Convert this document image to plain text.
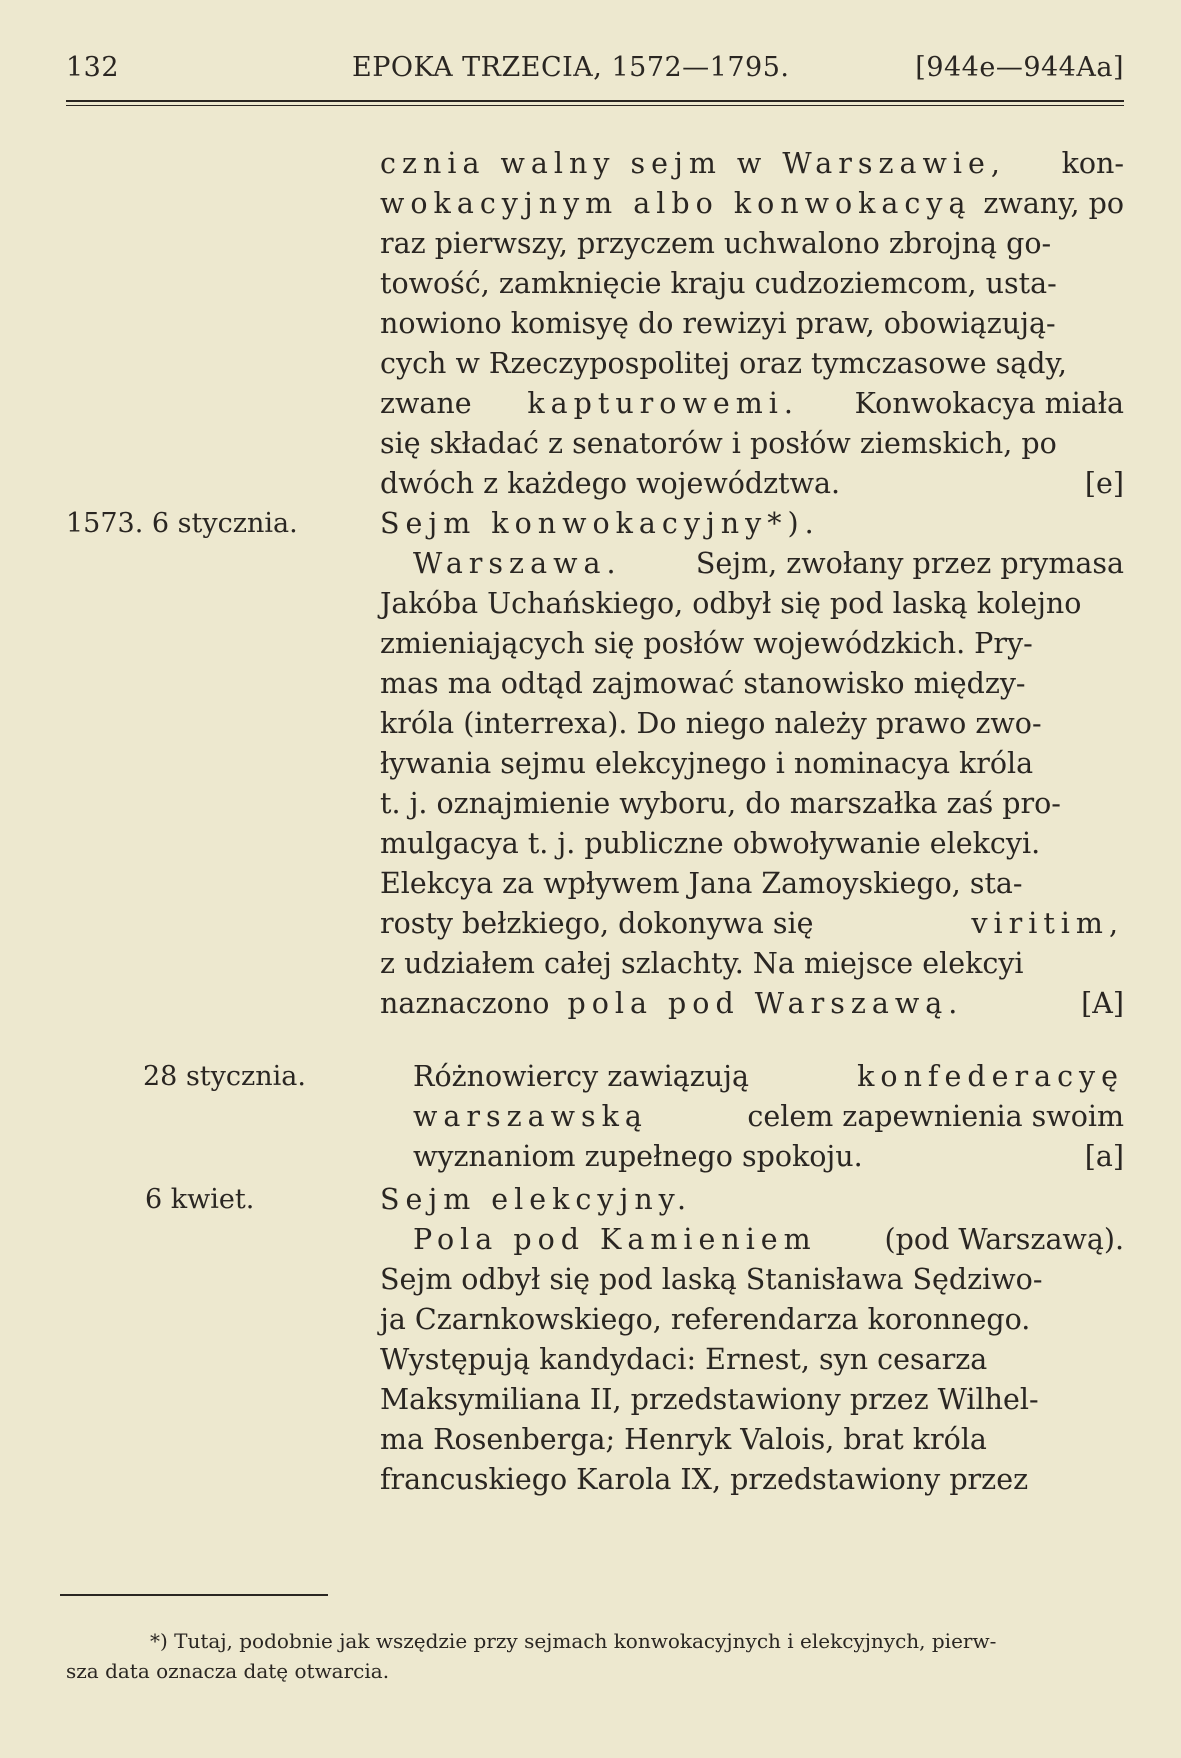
132	EPOKA TRZECIA, 1572—1795.	[944e—944Aa]
cznia walny sejm w Warszawie, kon-
wokacyjnym albo konwokacyą zwany, po
raz pierwszy, przyczem uchwalono zbrojną go-
towość, zamknięcie kraju cudzoziemcom, usta-
nowiono komisyę do rewizyi praw, obowiązują-
cych w Rzeczypospolitej oraz tymczasowe sądy,
zwane kapturowemi. Konwokacya miała
się składać z senatorów i posłów ziemskich, po
dwóch z każdego województwa.	[e]
1573. 6 stycznia.	Sejm konwokacyjny*).
Warszawa.	Sejm, zwołany przez prymasa
Jakóba Uchańskiego, odbył się pod laską kolejno
zmieniających się posłów wojewódzkich. Pry-
mas ma odtąd zajmować stanowisko między-
króla (interrexa). Do niego należy prawo zwo-
ływania sejmu elekcyjnego i nominacya króla
t. j. oznajmienie wyboru, do marszałka zaś pro-
mulgacya t. j. publiczne obwoływanie elekcyi.
Elekcya za wpływem Jana Zamoyskiego, sta-
rosty bełzkiego, dokonywa się	viritim,
z udziałem całej szlachty. Na miejsce elekcyi
naznaczono
pola pod Warszawą.	[A]
28 stycznia.	Różnowiercy zawiązują	konfederacyę
warszawską	celem zapewnienia swoim
wyznaniom zupełnego spokoju.	[a]
6 kwiet.	Sejm elekcyjny.
Pola pod Kamieniem (pod Warszawą).
Sejm odbył się pod laską Stanisława Sędziwo-
ja Czarnkowskiego, referendarza koronnego.
Występują kandydaci: Ernest, syn cesarza
Maksymiliana II, przedstawiony przez Wilhel-
ma Rosenberga; Henryk Valois, brat króla
francuskiego Karola IX, przedstawiony przez
*) Tutaj, podobnie jak wszędzie przy sejmach konwokacyjnych i elekcyjnych, pierw-
sza data oznacza datę otwarcia.
